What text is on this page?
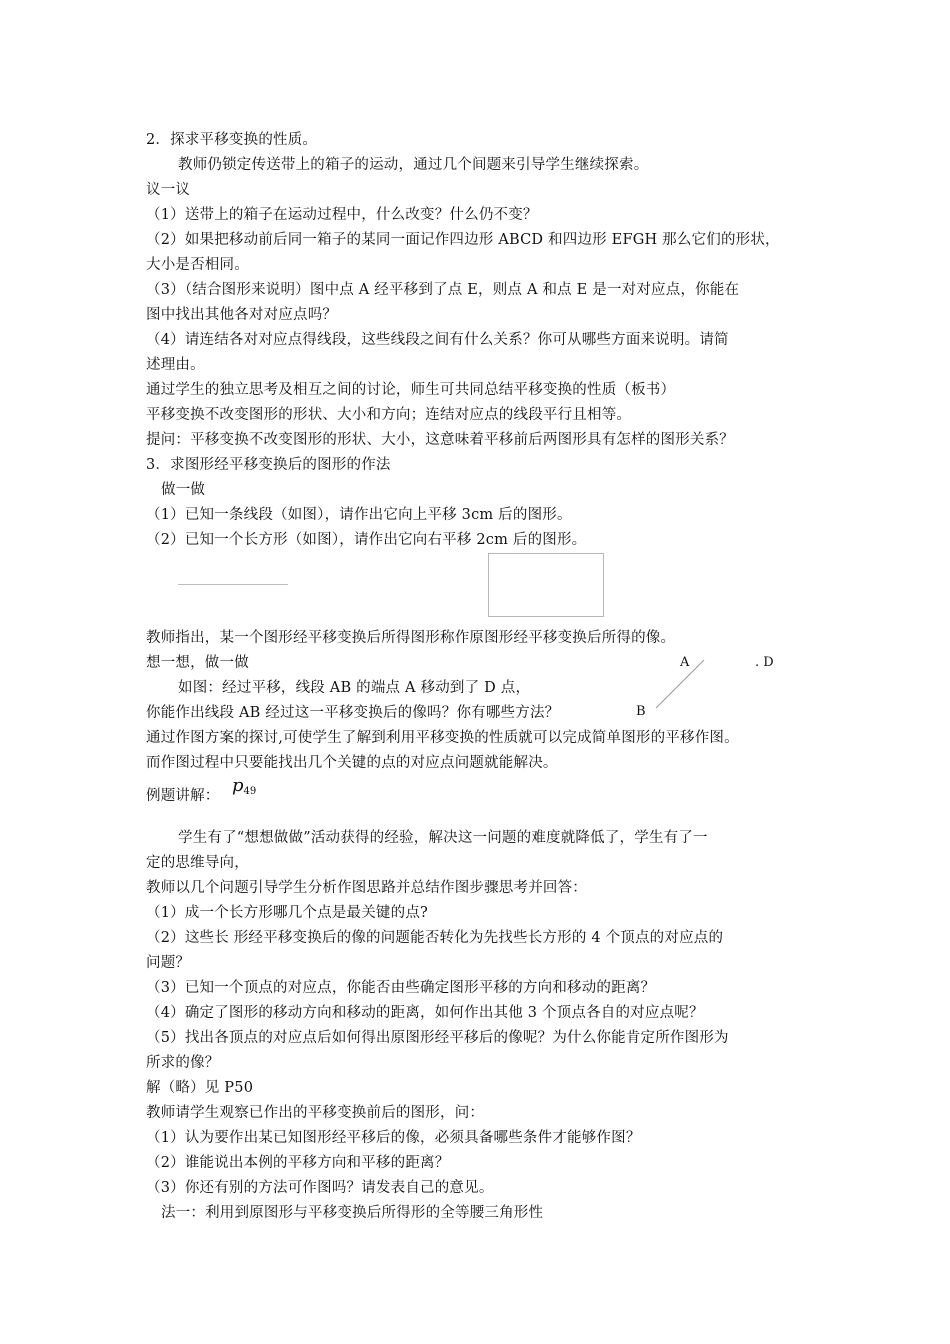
2．探求平移变换的性质。
教师仍锁定传送带上的箱子的运动，通过几个间题来引导学生继续探索。
议一议
（1）送带上的箱子在运动过程中，什么改变？什么仍不变？
（2）如果把移动前后同一箱子的某同一面记作四边形 ABCD 和四边形 EFGH 那么它们的形状，
大小是否相同。
（3）（结合图形来说明）图中点 A 经平移到了点 E，则点 A 和点 E 是一对对应点，你能在
图中找出其他各对对应点吗？
（4）请连结各对对应点得线段，这些线段之间有什么关系？你可从哪些方面来说明。请简
述理由。
通过学生的独立思考及相互之间的讨论，师生可共同总结平移变换的性质（板书）
平移变换不改变图形的形状、大小和方向；连结对应点的线段平行且相等。
提问：平移变换不改变图形的形状、大小，这意味着平移前后两图形具有怎样的图形关系？
3．求图形经平移变换后的图形的作法
做一做
（1）已知一条线段（如图），请作出它向上平移 3cm 后的图形。
（2）已知一个长方形（如图），请作出它向右平移 2cm 后的图形。
教师指出，某一个图形经平移变换后所得图形称作原图形经平移变换后所得的像。
想一想，做一做
如图：经过平移，线段 AB 的端点 A 移动到了 D 点，
你能作出线段 AB 经过这一平移变换后的像吗？你有哪些方法？
A	. D
B
通过作图方案的探讨,可使学生了解到利用平移变换的性质就可以完成简单图形的平移作图。
而作图过程中只要能找出几个关键的点的对应点问题就能解决。
例题讲解： $p_{49}$
学生有了“想想做做”活动获得的经验，解决这一问题的难度就降低了，学生有了一
定的思维导向，
教师以几个问题引导学生分析作图思路并总结作图步骤思考并回答：
（1）成一个长方形哪几个点是最关键的点?
（2）这些长 形经平移变换后的像的问题能否转化为先找些长方形的 4 个顶点的对应点的
问题？
（3）已知一个顶点的对应点，你能否由些确定图形平移的方向和移动的距离？
（4）确定了图形的移动方向和移动的距离，如何作出其他 3 个顶点各自的对应点呢？
（5）找出各顶点的对应点后如何得出原图形经平移后的像呢？为什么你能肯定所作图形为
所求的像？
解（略）见 P50
教师请学生观察已作出的平移变换前后的图形，问：
（1）认为要作出某已知图形经平移后的像，必须具备哪些条件才能够作图？
（2）谁能说出本例的平移方向和平移的距离？
（3）你还有别的方法可作图吗？请发表自己的意见。
法一：利用到原图形与平移变换后所得形的全等腰三角形性
